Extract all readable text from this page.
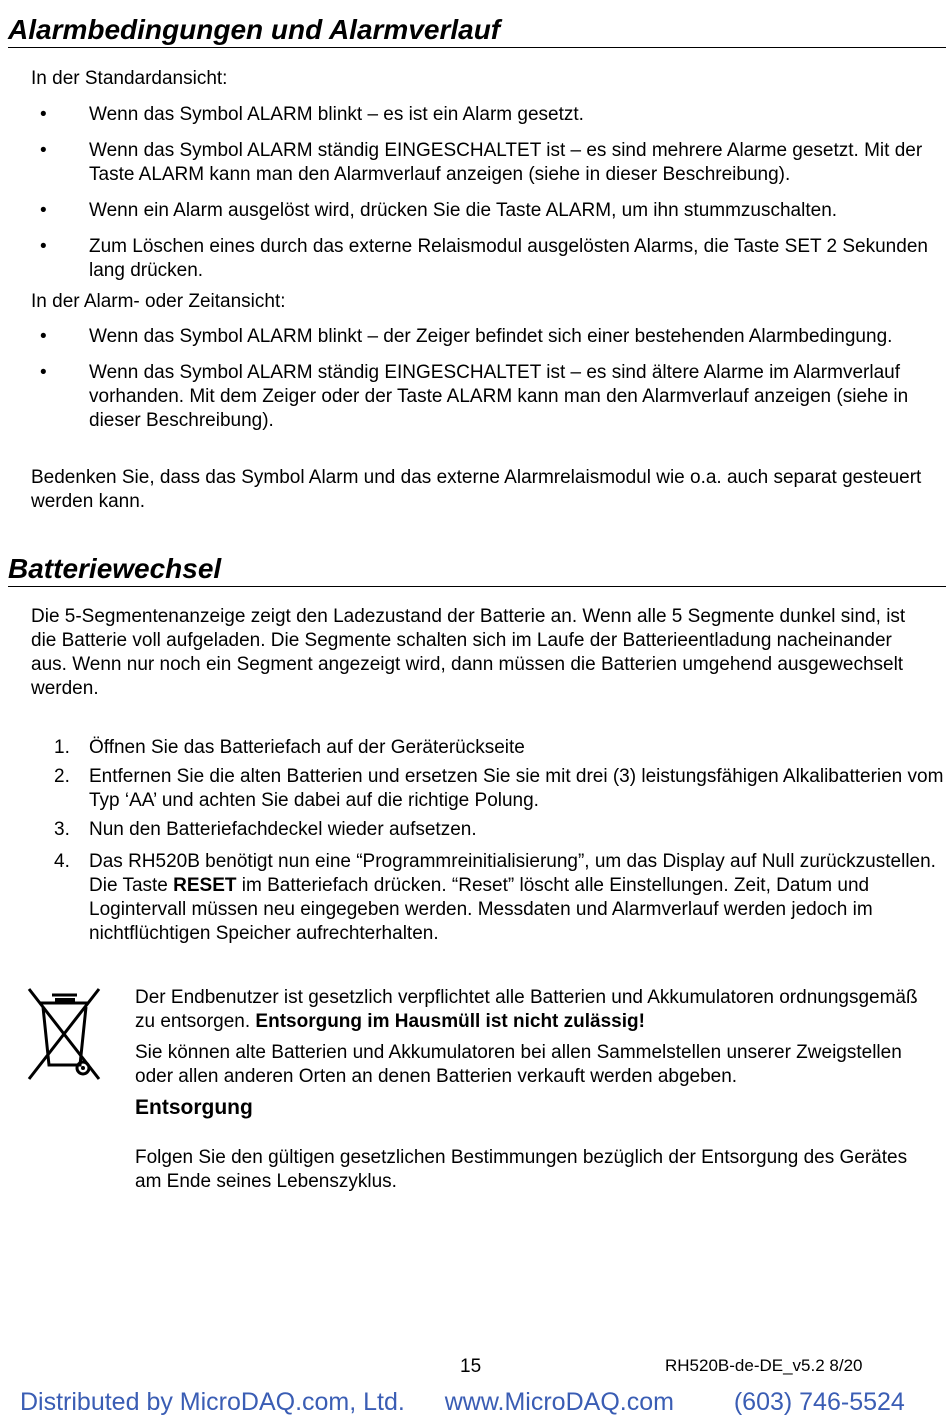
Alarmbedingungen und Alarmverlauf
In der Standardansicht:
• Wenn das Symbol ALARM blinkt – es ist ein Alarm gesetzt.
• Wenn das Symbol ALARM ständig EINGESCHALTET ist – es sind mehrere Alarme gesetzt. Mit der Taste ALARM kann man den Alarmverlauf anzeigen (siehe in dieser Beschreibung).
• Wenn ein Alarm ausgelöst wird, drücken Sie die Taste ALARM, um ihn stummzuschalten.
• Zum Löschen eines durch das externe Relaismodul ausgelösten Alarms, die Taste SET 2 Sekunden lang drücken.
In der Alarm- oder Zeitansicht:
• Wenn das Symbol ALARM blinkt – der Zeiger befindet sich einer bestehenden Alarmbedingung.
• Wenn das Symbol ALARM ständig EINGESCHALTET ist – es sind ältere Alarme im Alarmverlauf vorhanden. Mit dem Zeiger oder der Taste ALARM kann man den Alarmverlauf anzeigen (siehe in dieser Beschreibung).
Bedenken Sie, dass das Symbol Alarm und das externe Alarmrelaismodul wie o.a. auch separat gesteuert werden kann.
Batteriewechsel
Die 5-Segmentenanzeige zeigt den Ladezustand der Batterie an. Wenn alle 5 Segmente dunkel sind, ist die Batterie voll aufgeladen. Die Segmente schalten sich im Laufe der Batterieentladung nacheinander aus. Wenn nur noch ein Segment angezeigt wird, dann müssen die Batterien umgehend ausgewechselt werden.
1. Öffnen Sie das Batteriefach auf der Geräterückseite
2. Entfernen Sie die alten Batterien und ersetzen Sie sie mit drei (3) leistungsfähigen Alkalibatterien vom Typ ‘AA’ und achten Sie dabei auf die richtige Polung.
3. Nun den Batteriefachdeckel wieder aufsetzen.
4. Das RH520B benötigt nun eine “Programmreinitialisierung”, um das Display auf Null zurückzustellen. Die Taste RESET im Batteriefach drücken. “Reset” löscht alle Einstellungen. Zeit, Datum und Logintervall müssen neu eingegeben werden. Messdaten und Alarmverlauf werden jedoch im nichtflüchtigen Speicher aufrechterhalten.
Der Endbenutzer ist gesetzlich verpflichtet alle Batterien und Akkumulatoren ordnungsgemäß zu entsorgen. Entsorgung im Hausmüll ist nicht zulässig!
Sie können alte Batterien und Akkumulatoren bei allen Sammelstellen unserer Zweigstellen oder allen anderen Orten an denen Batterien verkauft werden abgeben.
Entsorgung
Folgen Sie den gültigen gesetzlichen Bestimmungen bezüglich der Entsorgung des Gerätes am Ende seines Lebenszyklus.
15	RH520B-de-DE_v5.2 8/20
Distributed by MicroDAQ.com, Ltd. www.MicroDAQ.com (603) 746-5524
